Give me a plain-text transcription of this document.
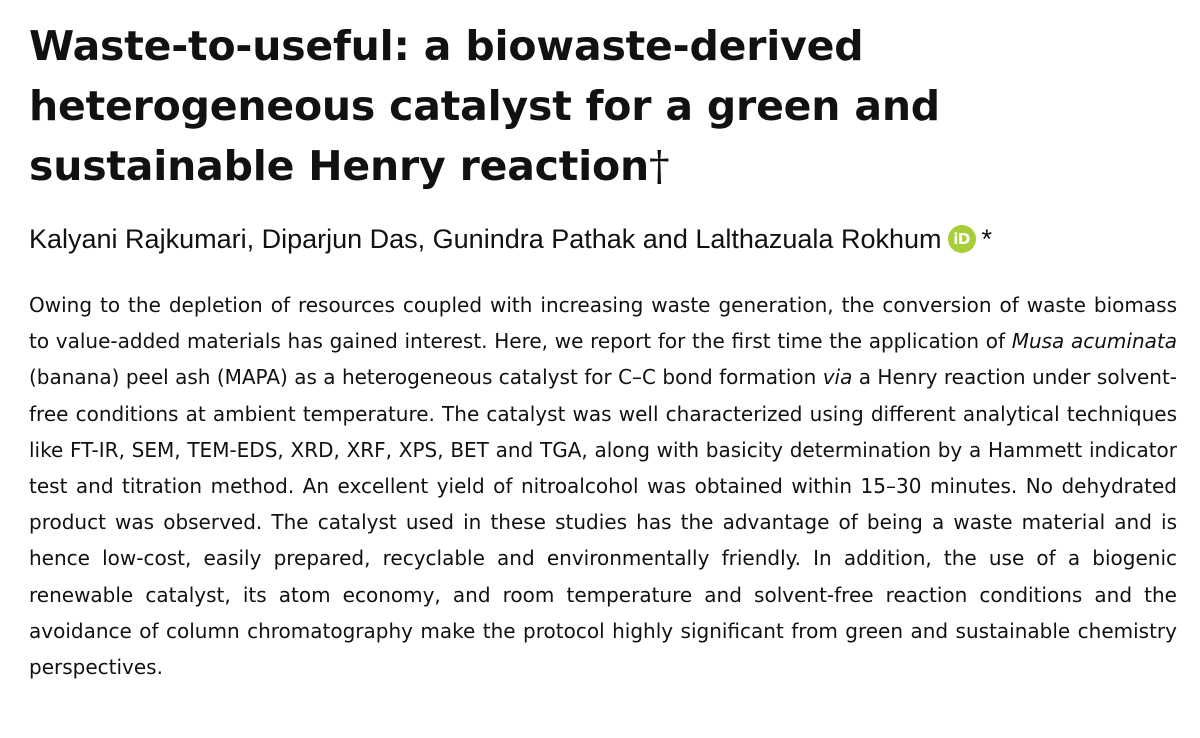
Waste-to-useful: a biowaste-derived
heterogeneous catalyst for a green and
sustainable Henry reaction†
Kalyani Rajkumari, Diparjun Das, Gunindra Pathak and Lalthazuala Rokhum iD *
Owing to the depletion of resources coupled with increasing waste generation, the conversion of waste biomass to value-added materials has gained interest. Here, we report for the first time the application of Musa acuminata (banana) peel ash (MAPA) as a heterogeneous catalyst for C–C bond formation via a Henry reaction under solvent-free conditions at ambient temperature. The catalyst was well characterized using different analytical techniques like FT-IR, SEM, TEM-EDS, XRD, XRF, XPS, BET and TGA, along with basicity determination by a Hammett indicator test and titration method. An excellent yield of nitroalcohol was obtained within 15–30 minutes. No dehydrated product was observed. The catalyst used in these studies has the advantage of being a waste material and is hence low-cost, easily prepared, recyclable and environmentally friendly. In addition, the use of a biogenic renewable catalyst, its atom economy, and room temperature and solvent-free reaction conditions and the avoidance of column chromatography make the protocol highly significant from green and sustainable chemistry perspectives.
